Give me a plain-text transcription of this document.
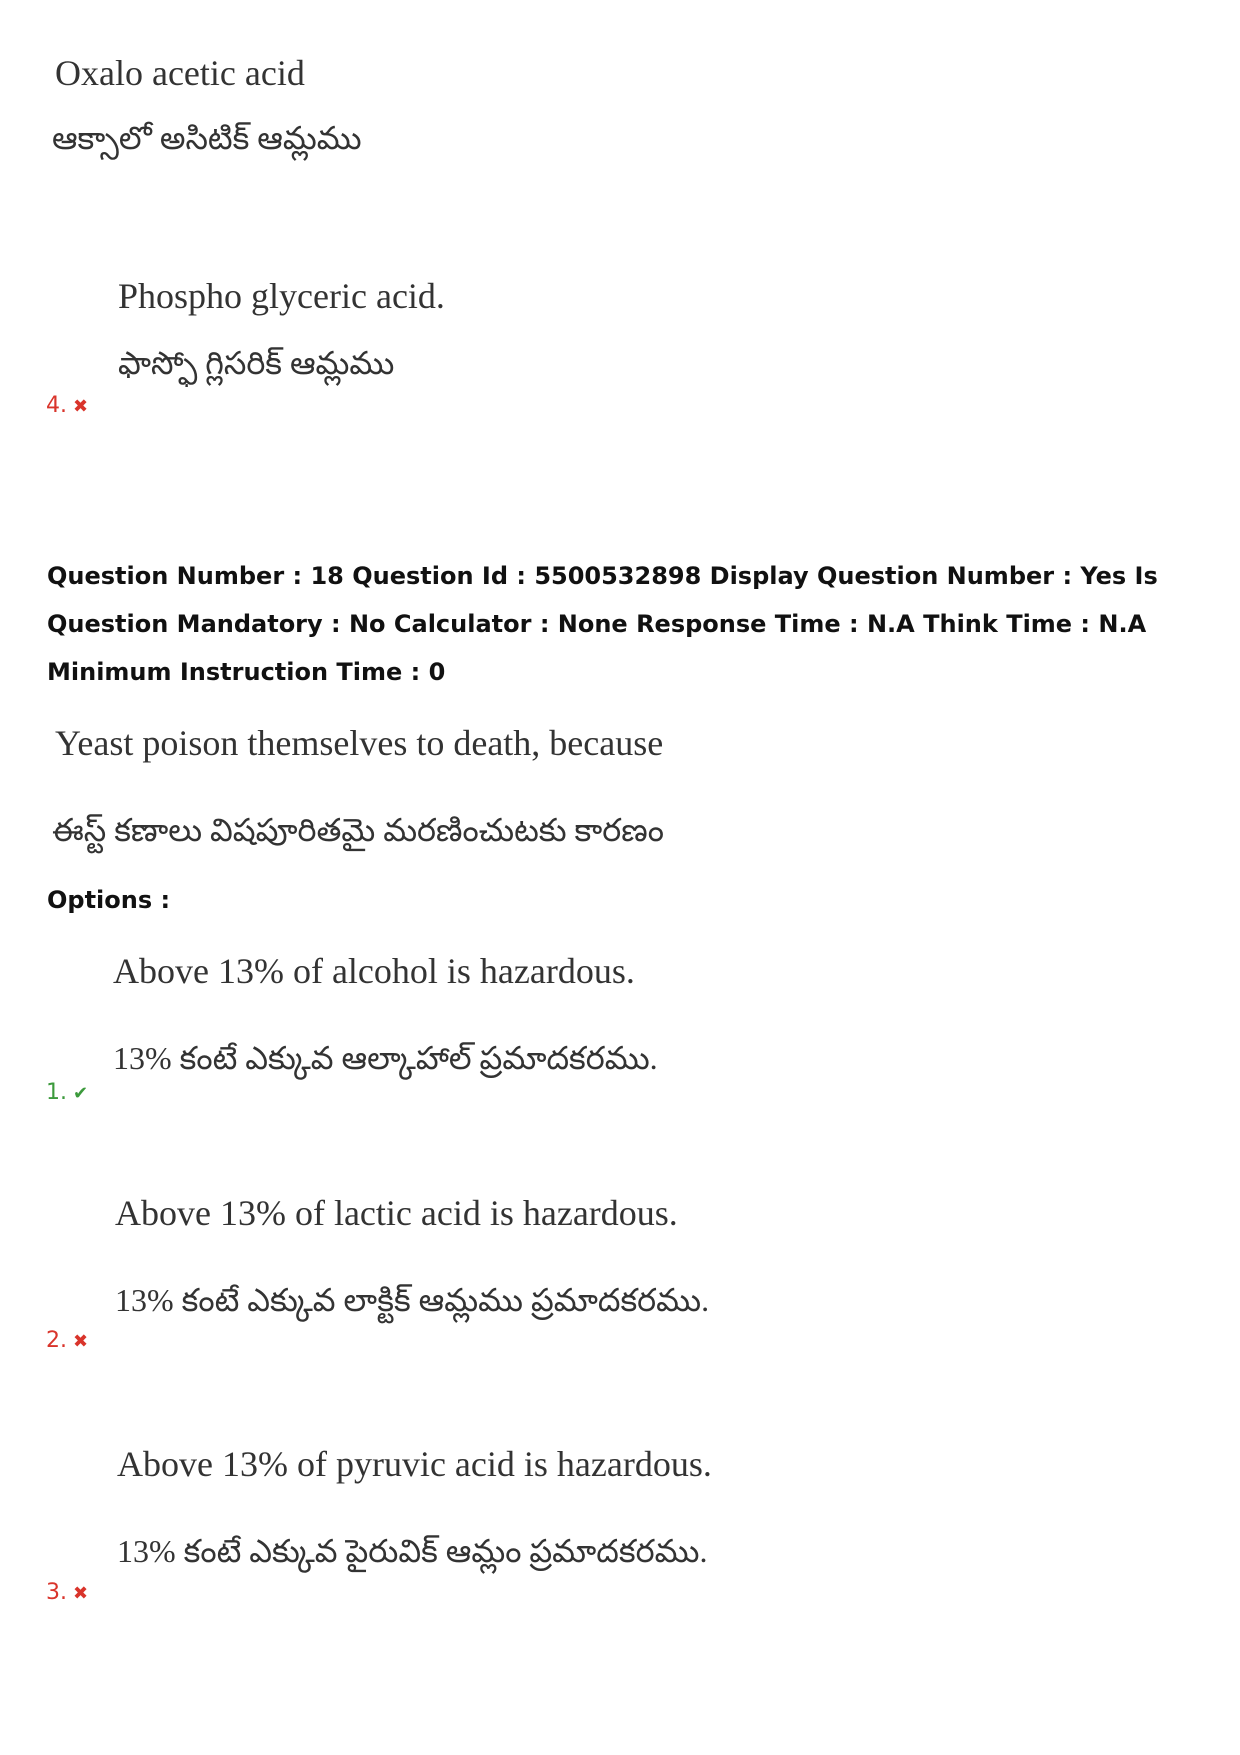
Oxalo acetic acid
ఆక్సాలో అసిటిక్ ఆమ్లము
Phospho glyceric acid.
ఫాస్ఫో గ్లిసరిక్ ఆమ్లము
4. ✖
Question Number : 18 Question Id : 5500532898 Display Question Number : Yes Is Question Mandatory : No Calculator : None Response Time : N.A Think Time : N.A Minimum Instruction Time : 0
Yeast poison themselves to death, because
ఈస్ట్ కణాలు విషపూరితమై మరణించుటకు కారణం
Options :
Above 13% of alcohol is hazardous.
13% కంటే ఎక్కువ ఆల్కాహాల్ ప్రమాదకరము.
1. ✔
Above 13% of lactic acid is hazardous.
13% కంటే ఎక్కువ లాక్టిక్ ఆమ్లము ప్రమాదకరము.
2. ✖
Above 13% of pyruvic acid is hazardous.
13% కంటే ఎక్కువ పైరువిక్ ఆమ్లం ప్రమాదకరము.
3. ✖
